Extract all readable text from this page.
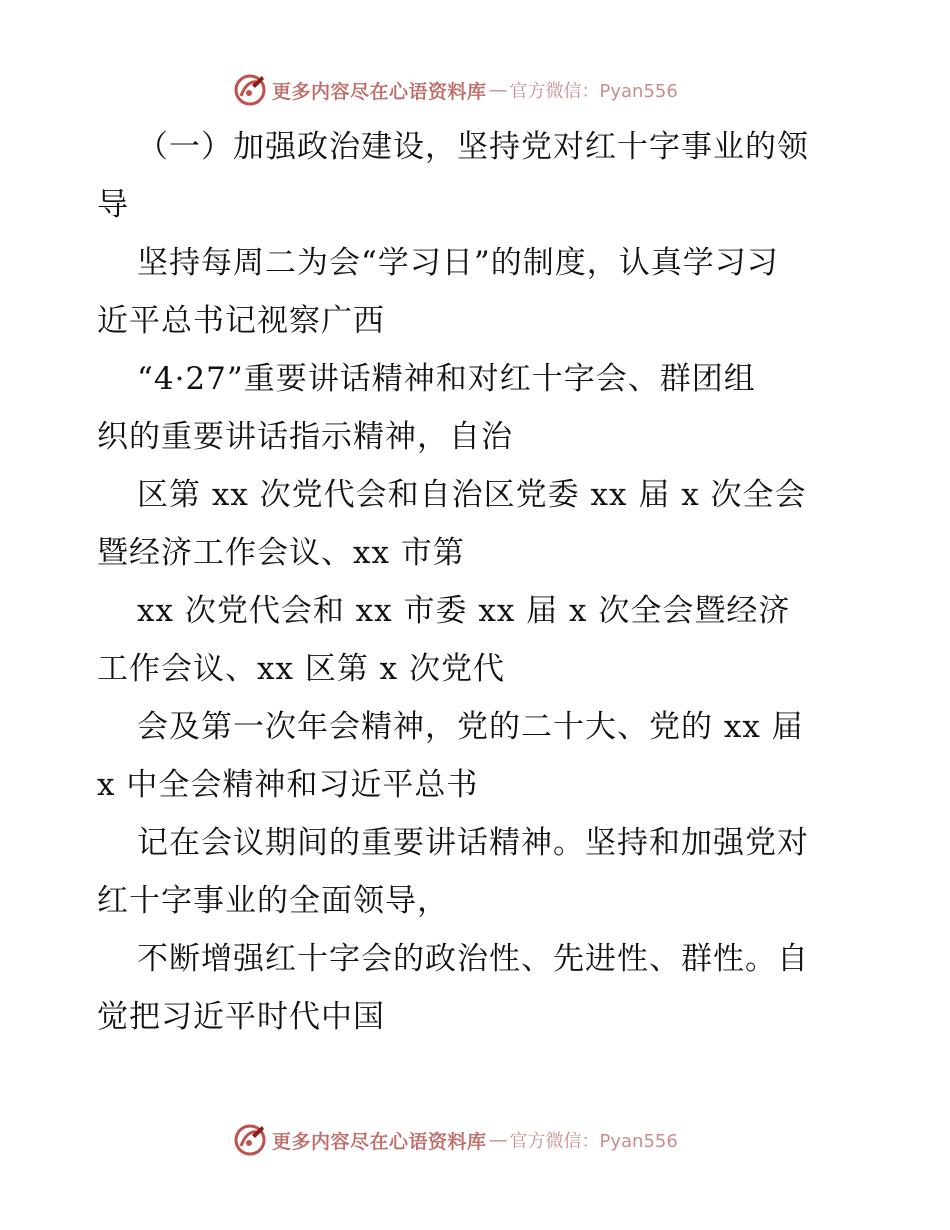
更多内容尽在心语资料库 — 官方微信：Pyan556
（一）加强政治建设，坚持党对红十字事业的领
导
坚持每周二为会“学习日”的制度，认真学习习
近平总书记视察广西
“4·27”重要讲话精神和对红十字会、群团组
织的重要讲话指示精神，自治
区第 xx 次党代会和自治区党委 xx 届 x 次全会
暨经济工作会议、xx 市第
xx 次党代会和 xx 市委 xx 届 x 次全会暨经济
工作会议、xx 区第 x 次党代
会及第一次年会精神，党的二十大、党的 xx 届
x 中全会精神和习近平总书
记在会议期间的重要讲话精神。坚持和加强党对
红十字事业的全面领导，
不断增强红十字会的政治性、先进性、群性。自
觉把习近平时代中国
更多内容尽在心语资料库 — 官方微信：Pyan556
